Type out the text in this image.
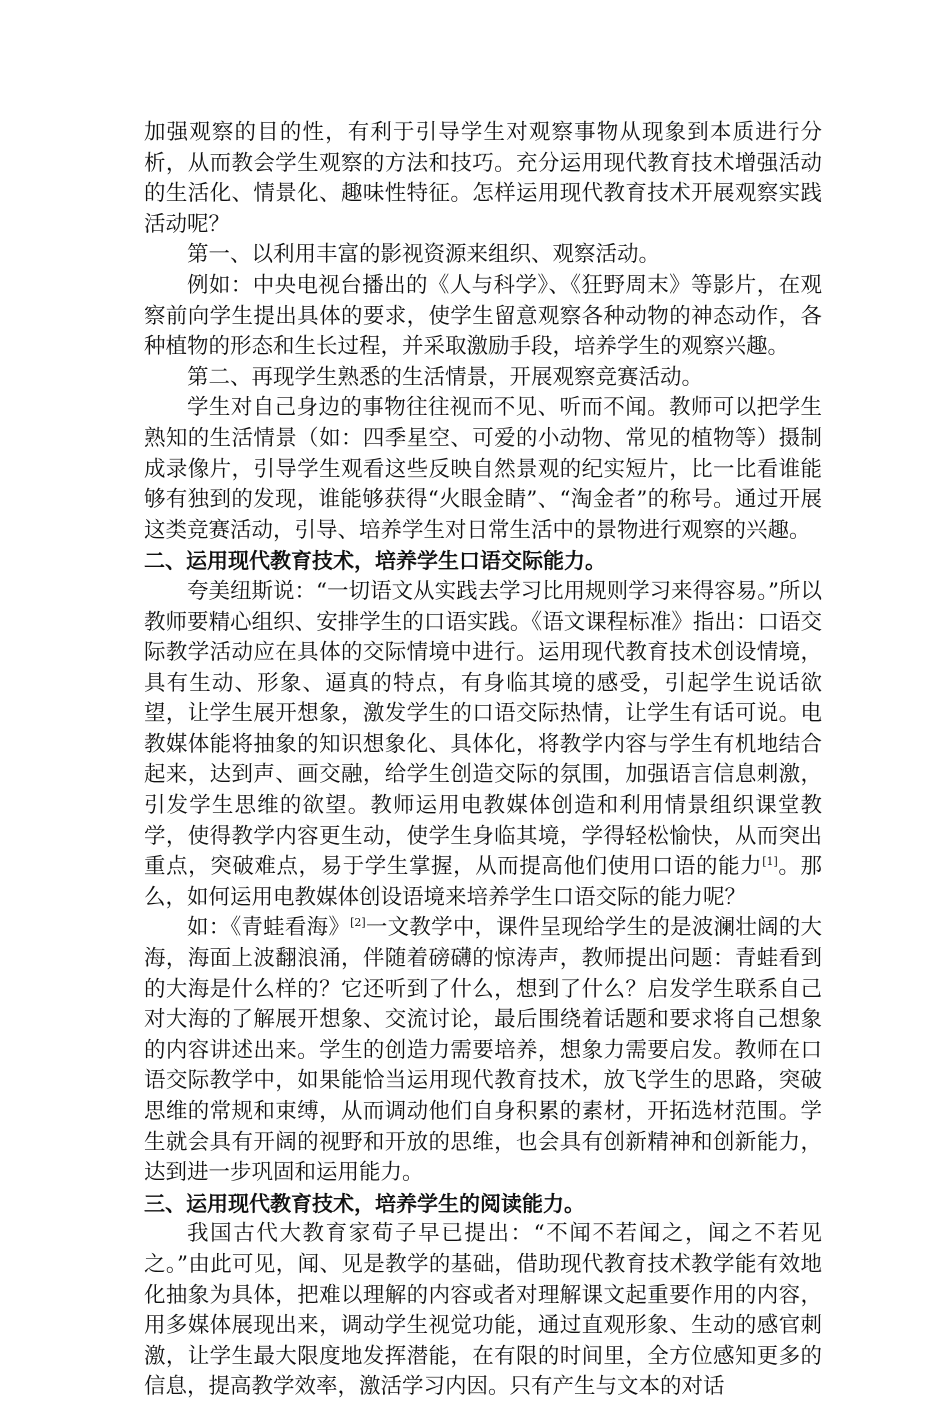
加强观察的目的性，有利于引导学生对观察事物从现象到本质进行分析，从而教会学生观察的方法和技巧。充分运用现代教育技术增强活动的生活化、情景化、趣味性特征。怎样运用现代教育技术开展观察实践活动呢？

第一、以利用丰富的影视资源来组织、观察活动。

例如：中央电视台播出的《人与科学》、《狂野周末》等影片，在观察前向学生提出具体的要求，使学生留意观察各种动物的神态动作，各种植物的形态和生长过程，并采取激励手段，培养学生的观察兴趣。

第二、再现学生熟悉的生活情景，开展观察竞赛活动。

学生对自己身边的事物往往视而不见、听而不闻。教师可以把学生熟知的生活情景（如：四季星空、可爱的小动物、常见的植物等）摄制成录像片，引导学生观看这些反映自然景观的纪实短片，比一比看谁能够有独到的发现，谁能够获得“火眼金睛”、“淘金者”的称号。通过开展这类竞赛活动，引导、培养学生对日常生活中的景物进行观察的兴趣。

二、运用现代教育技术，培养学生口语交际能力。

夸美纽斯说：“一切语文从实践去学习比用规则学习来得容易。”所以教师要精心组织、安排学生的口语实践。《语文课程标准》指出：口语交际教学活动应在具体的交际情境中进行。运用现代教育技术创设情境，具有生动、形象、逼真的特点，有身临其境的感受，引起学生说话欲望，让学生展开想象，激发学生的口语交际热情，让学生有话可说。电教媒体能将抽象的知识想象化、具体化，将教学内容与学生有机地结合起来，达到声、画交融，给学生创造交际的氛围，加强语言信息刺激，引发学生思维的欲望。教师运用电教媒体创造和利用情景组织课堂教学，使得教学内容更生动，使学生身临其境，学得轻松愉快，从而突出重点，突破难点，易于学生掌握，从而提高他们使用口语的能力[1]。那么，如何运用电教媒体创设语境来培养学生口语交际的能力呢？

如：《青蛙看海》[2]一文教学中，课件呈现给学生的是波澜壮阔的大海，海面上波翻浪涌，伴随着磅礴的惊涛声，教师提出问题：青蛙看到的大海是什么样的？它还听到了什么，想到了什么？启发学生联系自己对大海的了解展开想象、交流讨论，最后围绕着话题和要求将自己想象的内容讲述出来。学生的创造力需要培养，想象力需要启发。教师在口语交际教学中，如果能恰当运用现代教育技术，放飞学生的思路，突破思维的常规和束缚，从而调动他们自身积累的素材，开拓选材范围。学生就会具有开阔的视野和开放的思维，也会具有创新精神和创新能力，达到进一步巩固和运用能力。

三、运用现代教育技术，培养学生的阅读能力。

我国古代大教育家荀子早已提出：“不闻不若闻之，闻之不若见之。”由此可见，闻、见是教学的基础，借助现代教育技术教学能有效地化抽象为具体，把难以理解的内容或者对理解课文起重要作用的内容，用多媒体展现出来，调动学生视觉功能，通过直观形象、生动的感官刺激，让学生最大限度地发挥潜能，在有限的时间里，全方位感知更多的信息，提高教学效率，激活学习内因。只有产生与文本的对话
